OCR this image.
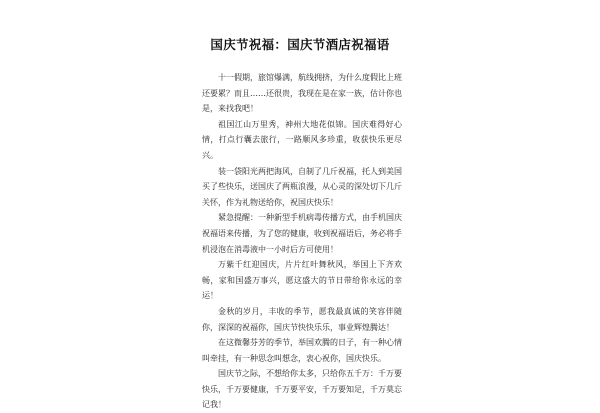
国庆节祝福：国庆节酒店祝福语

十一假期，旅馆爆满，航线拥挤，为什么度假比上班还要累？而且……还很贵，我现在是在家一族，估计你也是，来找我吧！

祖国江山万里秀，神州大地花似锦。国庆难得好心情，打点行囊去旅行，一路顺风多珍重，收获快乐更尽兴。

装一袋阳光两把海风，自制了几斤祝福，托人到美国买了些快乐，送国庆了两瓶浪漫，从心灵的深处切下几斤关怀，作为礼物送给你，祝国庆快乐！

紧急提醒：一种新型手机病毒传播方式，由手机国庆祝福语来传播，为了您的健康，收到祝福语后，务必将手机浸泡在消毒液中一小时后方可使用！

万紫千红迎国庆，片片红叶舞秋风，举国上下齐欢畅，家和国盛万事兴，愿这盛大的节日带给你永远的幸运！

金秋的岁月，丰收的季节，愿我最真诚的笑容伴随你，深深的祝福你，国庆节快快乐乐，事业辉煌腾达！

在这微馨芬芳的季节，举国欢腾的日子，有一种心情叫牵挂，有一种思念叫想念，衷心祝你，国庆快乐。

国庆节之际，不想给你太多，只给你五千万：千万要快乐，千万要健康，千万要平安，千万要知足，千万莫忘记我！
